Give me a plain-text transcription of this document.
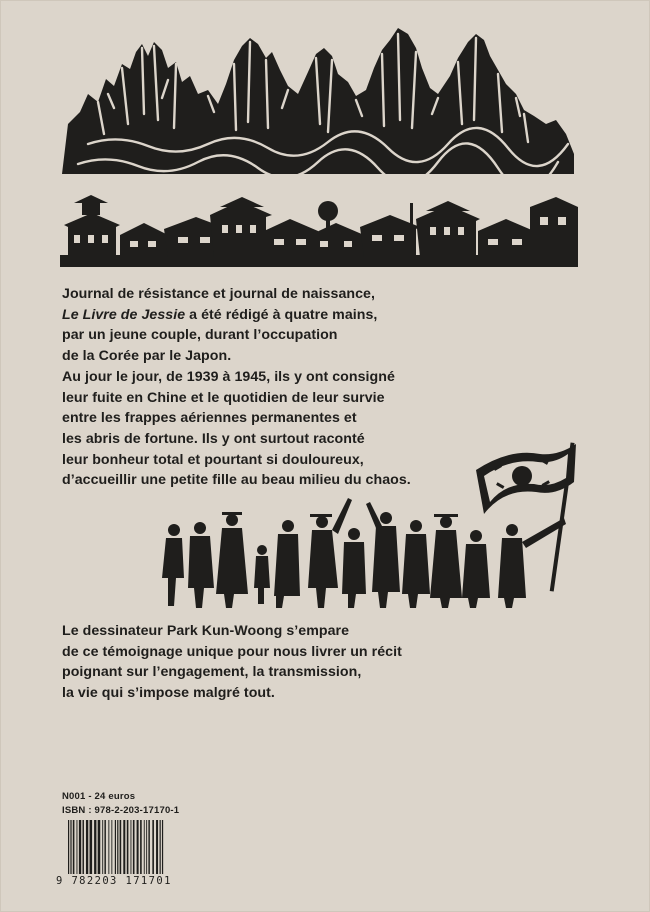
Journal de résistance et journal de naissance,
Le Livre de Jessie a été rédigé à quatre mains,
par un jeune couple, durant l’occupation
de la Corée par le Japon.
Au jour le jour, de 1939 à 1945, ils y ont consigné
leur fuite en Chine et le quotidien de leur survie
entre les frappes aériennes permanentes et
les abris de fortune. Ils y ont surtout raconté
leur bonheur total et pourtant si douloureux,
d’accueillir une petite fille au beau milieu du chaos.
Le dessinateur Park Kun-Woong s’empare
de ce témoignage unique pour nous livrer un récit
poignant sur l’engagement, la transmission,
la vie qui s’impose malgré tout.
N001 - 24 euros
ISBN : 978-2-203-17170-1
9 782203 171701
